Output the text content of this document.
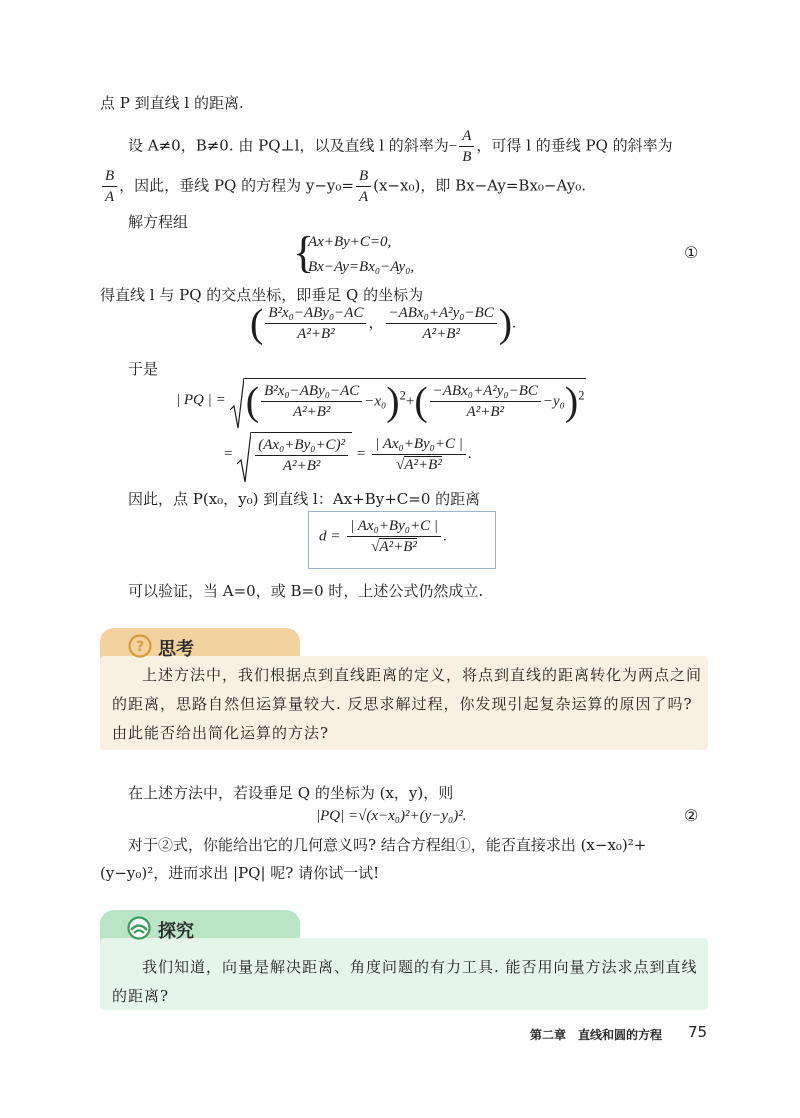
点 P 到直线 l 的距离.
设 A≠0，B≠0. 由 PQ⊥l，以及直线 l 的斜率为− $\frac{A}{B}$ ，可得 l 的垂线 PQ 的斜率为
$\frac{B}{A}$ ，因此，垂线 PQ 的方程为 $y-y_0= \frac{B}{A} (x-x_0)$，即 Bx−Ay=Bx₀−Ay₀.
解方程组
{
Ax+By+C=0,
Bx−Ay=Bx₀−Ay₀,
①
得直线 l 与 PQ 的交点坐标，即垂足 Q 的坐标为
( $\frac{\text{B²x₀−ABy₀−AC}}{\text{A²+B²}}$ ， $\frac{\text{−ABx₀+A²y₀−BC}}{\text{A²+B²}}$ ).
于是
| PQ | = ( $\frac{\text{B²x₀−ABy₀−AC}}{\text{A²+B²}} -x_0)^2+( \frac{\text{−ABx₀+A²y₀−BC}}{\text{A²+B²}} -y_0)^2$
= $\frac{\text{(Ax₀+By₀+C)²}}{\text{A²+B²}} = \frac{\text{| Ax₀+By₀+C |}}{\text{√A²+B²}}$ .
因此，点 P(x₀，y₀) 到直线 l：Ax+By+C=0 的距离
$d = \frac{\text{| Ax₀+By₀+C |}}{\text{√A²+B²}}$ .
可以验证，当 A=0，或 B=0 时，上述公式仍然成立.
? 思考
上述方法中，我们根据点到直线距离的定义，将点到直线的距离转化为两点之间的距离，思路自然但运算量较大. 反思求解过程，你发现引起复杂运算的原因了吗? 由此能否给出简化运算的方法?
在上述方法中，若设垂足 Q 的坐标为 (x，y)，则
|PQ| =√(x−x₀)²+(y−y₀)².	②
对于②式，你能给出它的几何意义吗? 结合方程组①，能否直接求出 (x−x₀)²+
(y−y₀)²，进而求出 |PQ| 呢? 请你试一试!
探究
我们知道，向量是解决距离、角度问题的有力工具. 能否用向量方法求点到直线的距离?
第二章　直线和圆的方程 75
